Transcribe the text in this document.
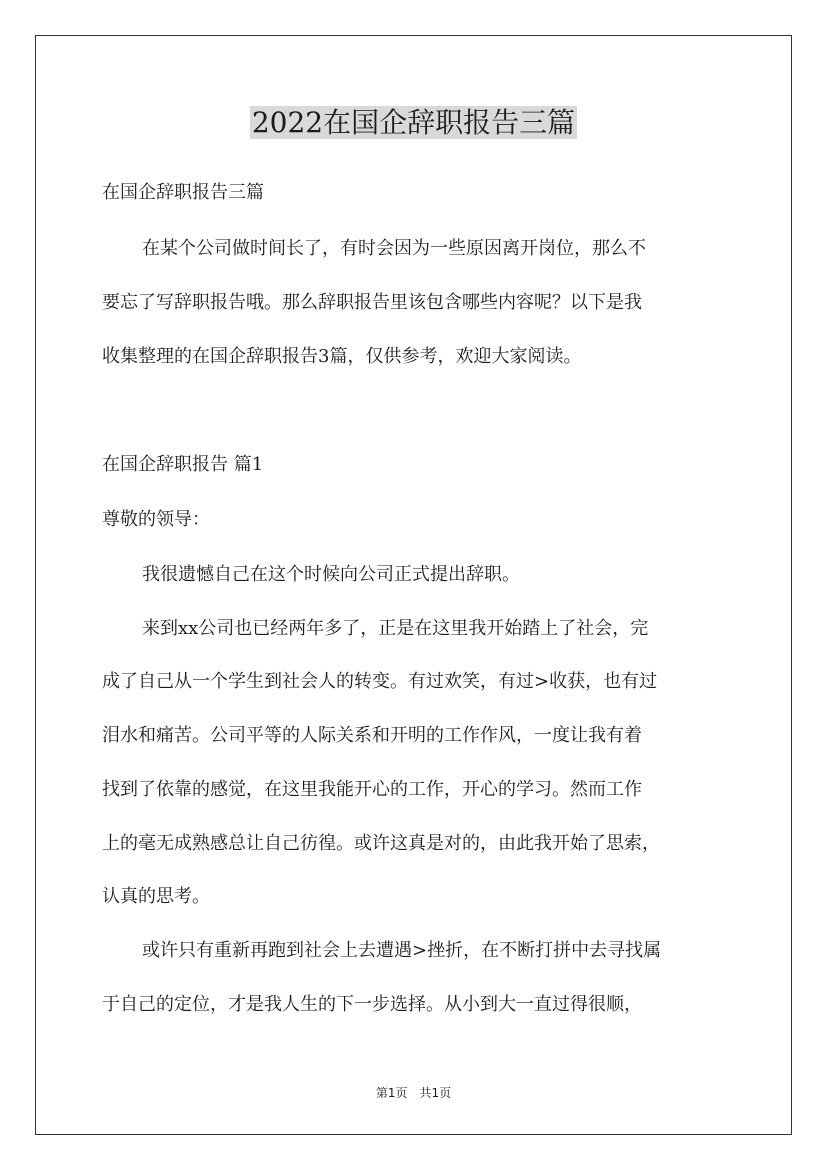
2022在国企辞职报告三篇
在国企辞职报告三篇
在某个公司做时间长了，有时会因为一些原因离开岗位，那么不
要忘了写辞职报告哦。那么辞职报告里该包含哪些内容呢？以下是我
收集整理的在国企辞职报告3篇，仅供参考，欢迎大家阅读。
在国企辞职报告 篇1
尊敬的领导：
我很遗憾自己在这个时候向公司正式提出辞职。
来到xx公司也已经两年多了，正是在这里我开始踏上了社会，完
成了自己从一个学生到社会人的转变。有过欢笑，有过>收获，也有过
泪水和痛苦。公司平等的人际关系和开明的工作作风，一度让我有着
找到了依靠的感觉，在这里我能开心的工作，开心的学习。然而工作
上的毫无成熟感总让自己彷徨。或许这真是对的，由此我开始了思索，
认真的思考。
或许只有重新再跑到社会上去遭遇>挫折，在不断打拼中去寻找属
于自己的定位，才是我人生的下一步选择。从小到大一直过得很顺，
第1页　共1页
